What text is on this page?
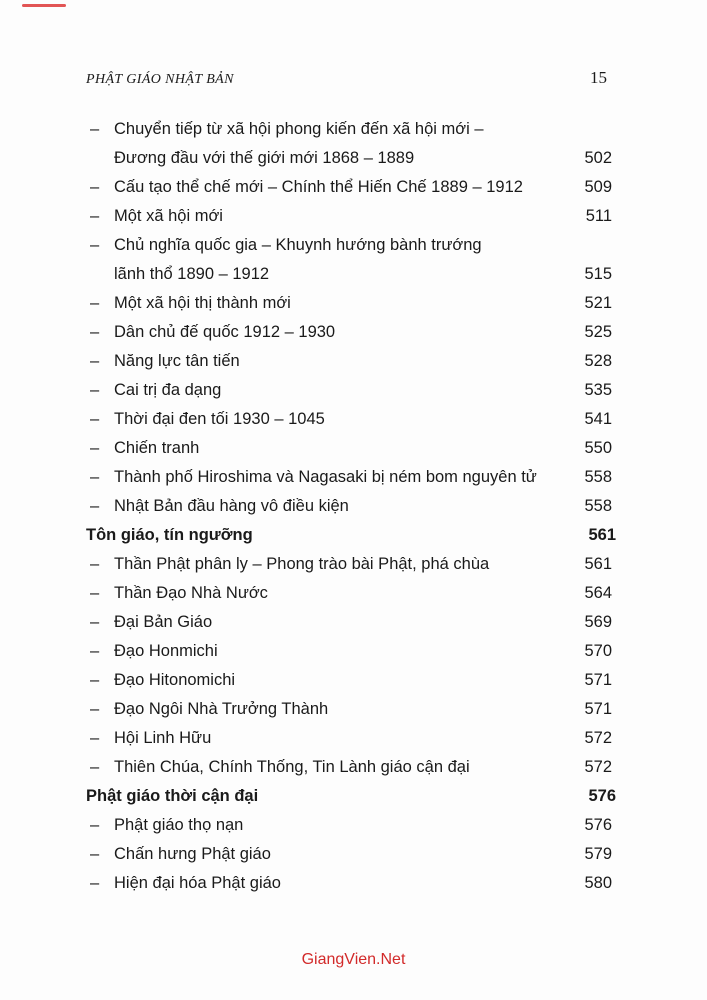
PHẬT GIÁO NHẬT BẢN	15
– Chuyển tiếp từ xã hội phong kiến đến xã hội mới –
Đương đầu với thế giới mới 1868 – 1889	502
– Cấu tạo thể chế mới – Chính thể Hiến Chế 1889 – 1912	509
– Một xã hội mới	511
– Chủ nghĩa quốc gia – Khuynh hướng bành trướng
lãnh thổ 1890 – 1912	515
– Một xã hội thị thành mới	521
– Dân chủ đế quốc 1912 – 1930	525
– Năng lực tân tiến	528
– Cai trị đa dạng	535
– Thời đại đen tối 1930 – 1045	541
– Chiến tranh	550
– Thành phố Hiroshima và Nagasaki bị ném bom nguyên tử	558
– Nhật Bản đầu hàng vô điều kiện	558
Tôn giáo, tín ngưỡng	561
– Thần Phật phân ly – Phong trào bài Phật, phá chùa	561
– Thần Đạo Nhà Nước	564
– Đại Bản Giáo	569
– Đạo Honmichi	570
– Đạo Hitonomichi	571
– Đạo Ngôi Nhà Trưởng Thành	571
– Hội Linh Hữu	572
– Thiên Chúa, Chính Thống, Tin Lành giáo cận đại	572
Phật giáo thời cận đại	576
– Phật giáo thọ nạn	576
– Chấn hưng Phật giáo	579
– Hiện đại hóa Phật giáo	580
GiangVien.Net
